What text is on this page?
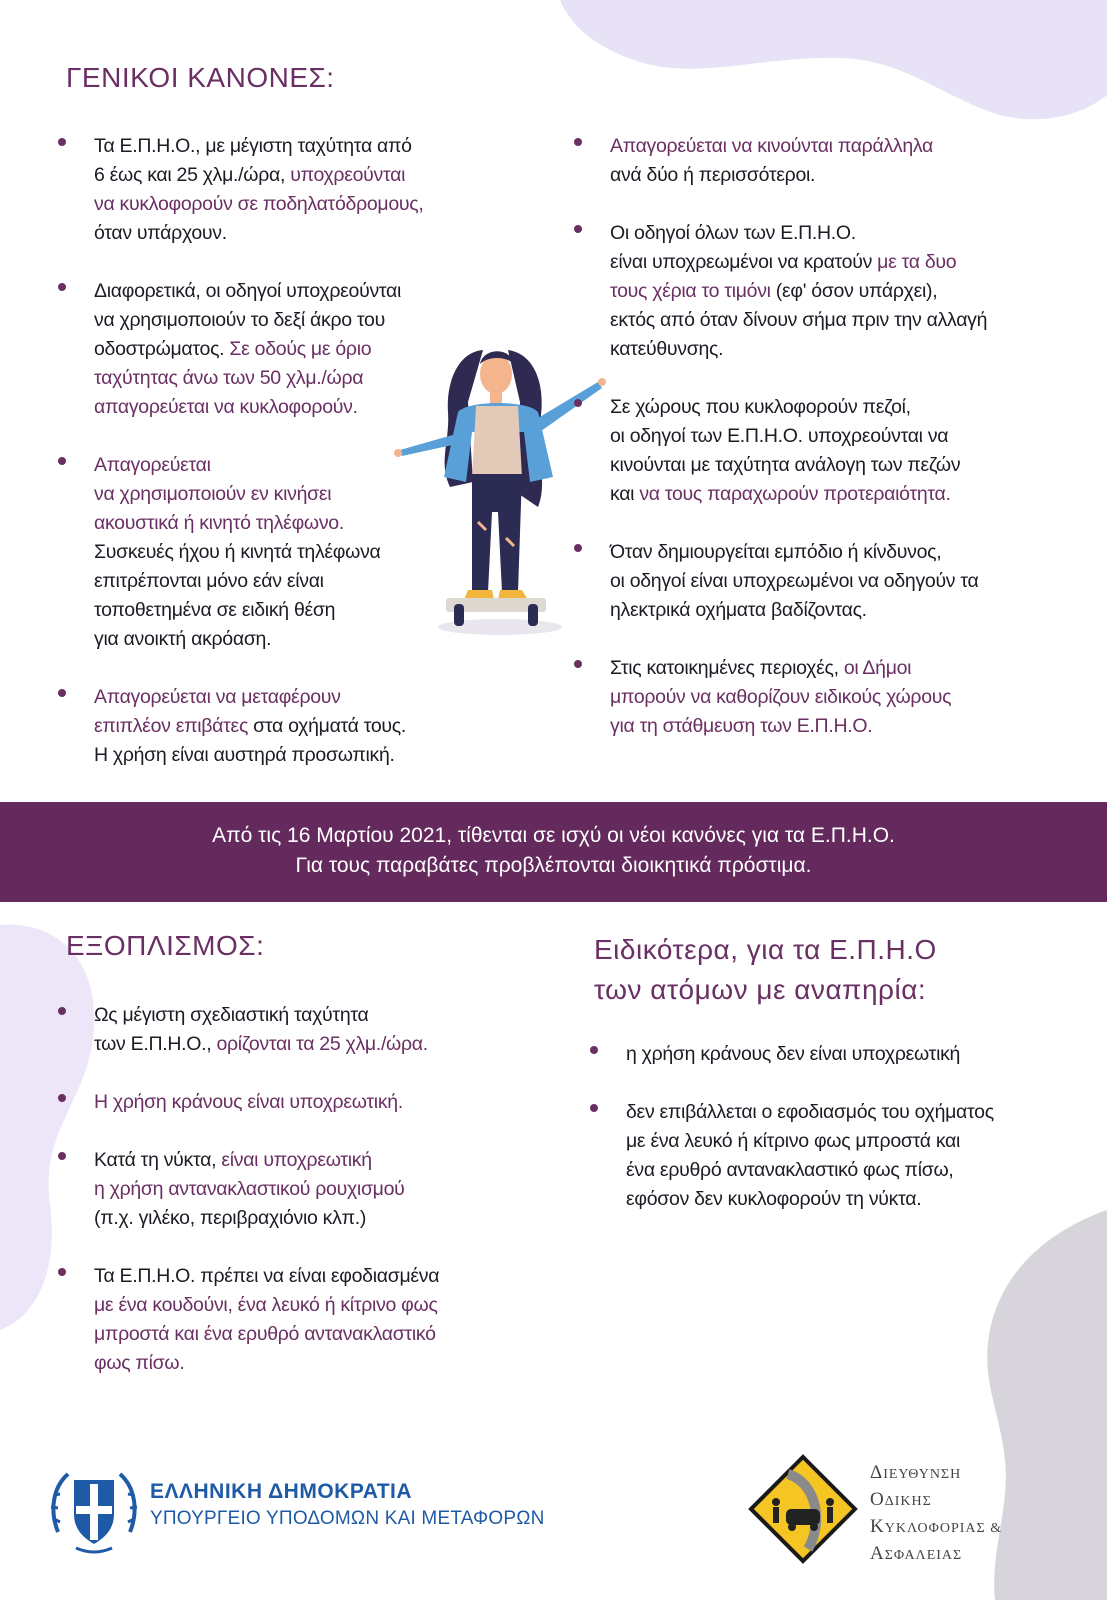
ΓΕΝΙΚΟΙ ΚΑΝΟΝΕΣ:
Τα Ε.Π.Η.Ο., με μέγιστη ταχύτητα από
6 έως και 25 χλμ./ώρα, υποχρεούνται
να κυκλοφορούν σε ποδηλατόδρομους,
όταν υπάρχουν.
Διαφορετικά, οι οδηγοί υποχρεούνται
να χρησιμοποιούν το δεξί άκρο του
οδοστρώματος. Σε οδούς με όριο
ταχύτητας άνω των 50 χλμ./ώρα
απαγορεύεται να κυκλοφορούν.
Απαγορεύεται
να χρησιμοποιούν εν κινήσει
ακουστικά ή κινητό τηλέφωνο.
Συσκευές ήχου ή κινητά τηλέφωνα
επιτρέπονται μόνο εάν είναι
τοποθετημένα σε ειδική θέση
για ανοικτή ακρόαση.
Απαγορεύεται να μεταφέρουν
επιπλέον επιβάτες στα οχήματά τους.
Η χρήση είναι αυστηρά προσωπική.
Απαγορεύεται να κινούνται παράλληλα
ανά δύο ή περισσότεροι.
Οι οδηγοί όλων των Ε.Π.Η.Ο.
είναι υποχρεωμένοι να κρατούν με τα δυο
τους χέρια το τιμόνι (εφ' όσον υπάρχει),
εκτός από όταν δίνουν σήμα πριν την αλλαγή
κατεύθυνσης.
Σε χώρους που κυκλοφορούν πεζοί,
οι οδηγοί των Ε.Π.Η.Ο. υποχρεούνται να
κινούνται με ταχύτητα ανάλογη των πεζών
και να τους παραχωρούν προτεραιότητα.
Όταν δημιουργείται εμπόδιο ή κίνδυνος,
οι οδηγοί είναι υποχρεωμένοι να οδηγούν τα
ηλεκτρικά οχήματα βαδίζοντας.
Στις κατοικημένες περιοχές, οι Δήμοι
μπορούν να καθορίζουν ειδικούς χώρους
για τη στάθμευση των Ε.Π.Η.Ο.
Από τις 16 Μαρτίου 2021, τίθενται σε ισχύ οι νέοι κανόνες για τα Ε.Π.Η.Ο.
Για τους παραβάτες προβλέπονται διοικητικά πρόστιμα.
ΕΞΟΠΛΙΣΜΟΣ:
Ως μέγιστη σχεδιαστική ταχύτητα
των Ε.Π.Η.Ο., ορίζονται τα 25 χλμ./ώρα.
Η χρήση κράνους είναι υποχρεωτική.
Κατά τη νύκτα, είναι υποχρεωτική
η χρήση αντανακλαστικού ρουχισμού
(π.χ. γιλέκο, περιβραχιόνιο κλπ.)
Τα Ε.Π.Η.Ο. πρέπει να είναι εφοδιασμένα
με ένα κουδούνι, ένα λευκό ή κίτρινο φως
μπροστά και ένα ερυθρό αντανακλαστικό
φως πίσω.
Ειδικότερα, για τα Ε.Π.Η.Ο
των ατόμων με αναπηρία:
η χρήση κράνους δεν είναι υποχρεωτική
δεν επιβάλλεται ο εφοδιασμός του οχήματος
με ένα λευκό ή κίτρινο φως μπροστά και
ένα ερυθρό αντανακλαστικό φως πίσω,
εφόσον δεν κυκλοφορούν τη νύκτα.
ΕΛΛΗΝΙΚΗ ΔΗΜΟΚΡΑΤΙΑ
ΥΠΟΥΡΓΕΙΟ ΥΠΟΔΟΜΩΝ ΚΑΙ ΜΕΤΑΦΟΡΩΝ
ΔΙΕΥΘΥΝΣΗ
ΟΔΙΚΗΣ
ΚΥΚΛΟΦΟΡΙΑΣ &
ΑΣΦΑΛΕΙΑΣ
